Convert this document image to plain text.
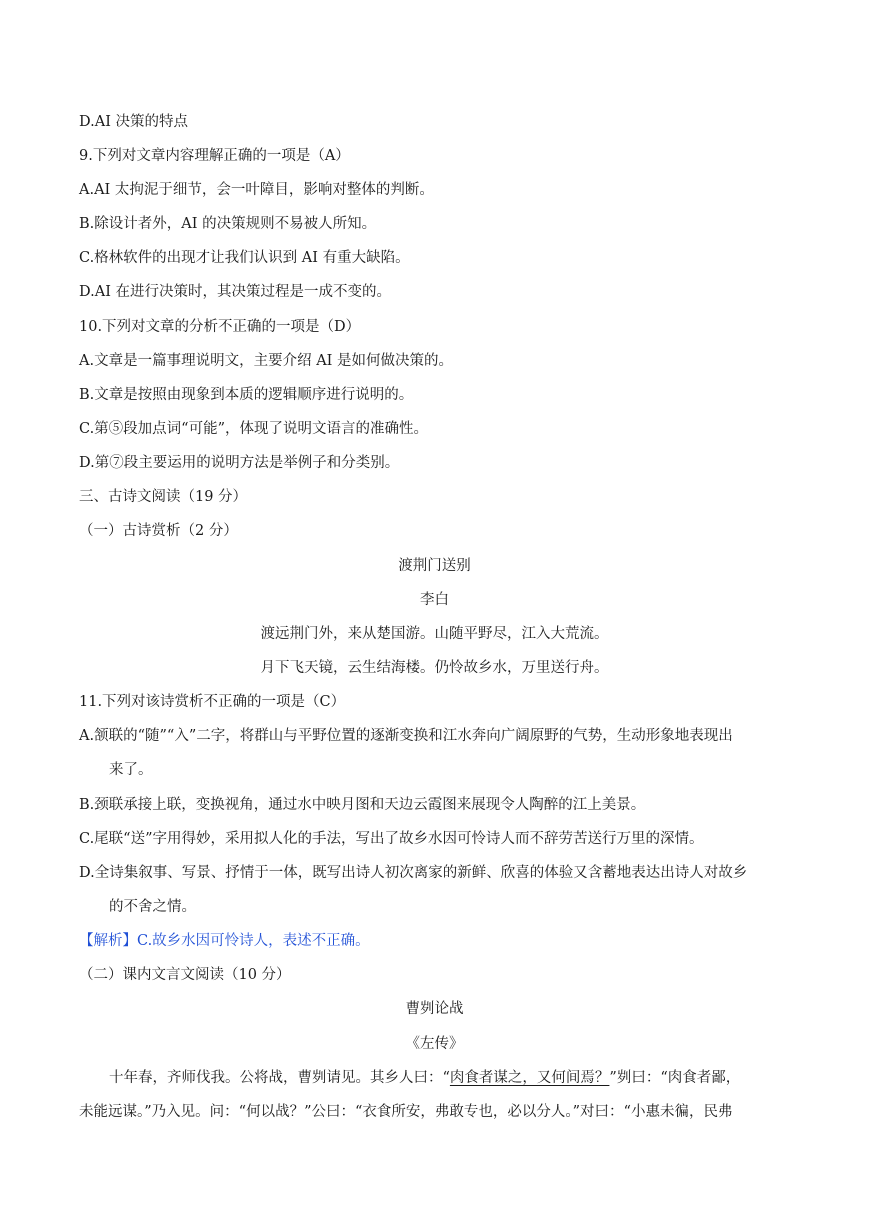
D.AI 决策的特点
9.下列对文章内容理解正确的一项是（A）
A.AI 太拘泥于细节，会一叶障目，影响对整体的判断。
B.除设计者外，AI 的决策规则不易被人所知。
C.格林软件的出现才让我们认识到 AI 有重大缺陷。
D.AI 在进行决策时，其决策过程是一成不变的。
10.下列对文章的分析不正确的一项是（D）
A.文章是一篇事理说明文，主要介绍 AI 是如何做决策的。
B.文章是按照由现象到本质的逻辑顺序进行说明的。
C.第⑤段加点词“可能”，体现了说明文语言的准确性。
D.第⑦段主要运用的说明方法是举例子和分类别。
三、古诗文阅读（19 分）
（一）古诗赏析（2 分）
渡荆门送别
李白
渡远荆门外，来从楚国游。山随平野尽，江入大荒流。
月下飞天镜，云生结海楼。仍怜故乡水，万里送行舟。
11.下列对该诗赏析不正确的一项是（C）
A.颔联的“随”“入”二字，将群山与平野位置的逐渐变换和江水奔向广阔原野的气势，生动形象地表现出
来了。
B.颈联承接上联，变换视角，通过水中映月图和天边云霞图来展现令人陶醉的江上美景。
C.尾联“送”字用得妙，采用拟人化的手法，写出了故乡水因可怜诗人而不辞劳苦送行万里的深情。
D.全诗集叙事、写景、抒情于一体，既写出诗人初次离家的新鲜、欣喜的体验又含蓄地表达出诗人对故乡
的不舍之情。
【解析】C.故乡水因可怜诗人，表述不正确。
（二）课内文言文阅读（10 分）
曹刿论战
《左传》
十年春，齐师伐我。公将战，曹刿请见。其乡人曰：“肉食者谋之，又何间焉？”刿曰：“肉食者鄙，
未能远谋。”乃入见。问：“何以战？”公曰：“衣食所安，弗敢专也，必以分人。”对曰：“小惠未徧，民弗
